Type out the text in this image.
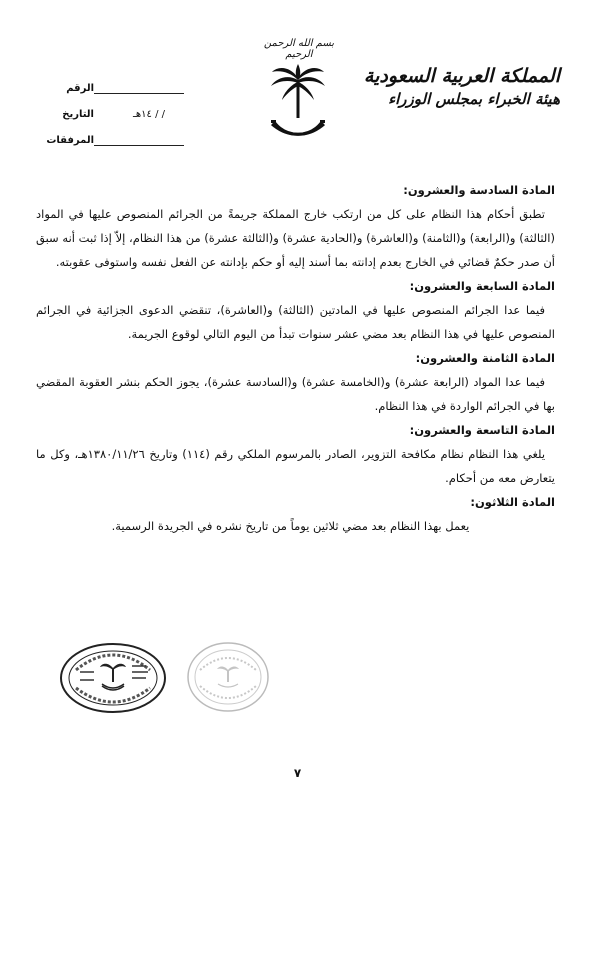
بسم الله الرحمن الرحيم
المملكة العربية السعودية
هيئة الخبراء بمجلس الوزراء
الرقم
التاريخ	/ / ١٤هـ
المرفقات
المادة السادسة والعشرون:
تطبق أحكام هذا النظام على كل من ارتكب خارج المملكة جريمةً من الجرائم المنصوص عليها في المواد (الثالثة) و(الرابعة) و(الثامنة) و(العاشرة) و(الحادية عشرة) و(الثالثة عشرة) من هذا النظام، إلاّ إذا ثبت أنه سبق أن صدر حكمٌ قضائي في الخارج بعدم إدانته بما أسند إليه أو حكم بإدانته عن الفعل نفسه واستوفى عقوبته.
المادة السابعة والعشرون:
فيما عدا الجرائم المنصوص عليها في المادتين (الثالثة) و(العاشرة)، تنقضي الدعوى الجزائية في الجرائم المنصوص عليها في هذا النظام بعد مضي عشر سنوات تبدأ من اليوم التالي لوقوع الجريمة.
المادة الثامنة والعشرون:
فيما عدا المواد (الرابعة عشرة) و(الخامسة عشرة) و(السادسة عشرة)، يجوز الحكم بنشر العقوبة المقضي بها في الجرائم الواردة في هذا النظام.
المادة التاسعة والعشرون:
يلغي هذا النظام نظام مكافحة التزوير، الصادر بالمرسوم الملكي رقم (١١٤) وتاريخ ١٣٨٠/١١/٢٦هـ، وكل ما يتعارض معه من أحكام.
المادة الثلاثون:
يعمل بهذا النظام بعد مضي ثلاثين يوماً من تاريخ نشره في الجريدة الرسمية.
٧
